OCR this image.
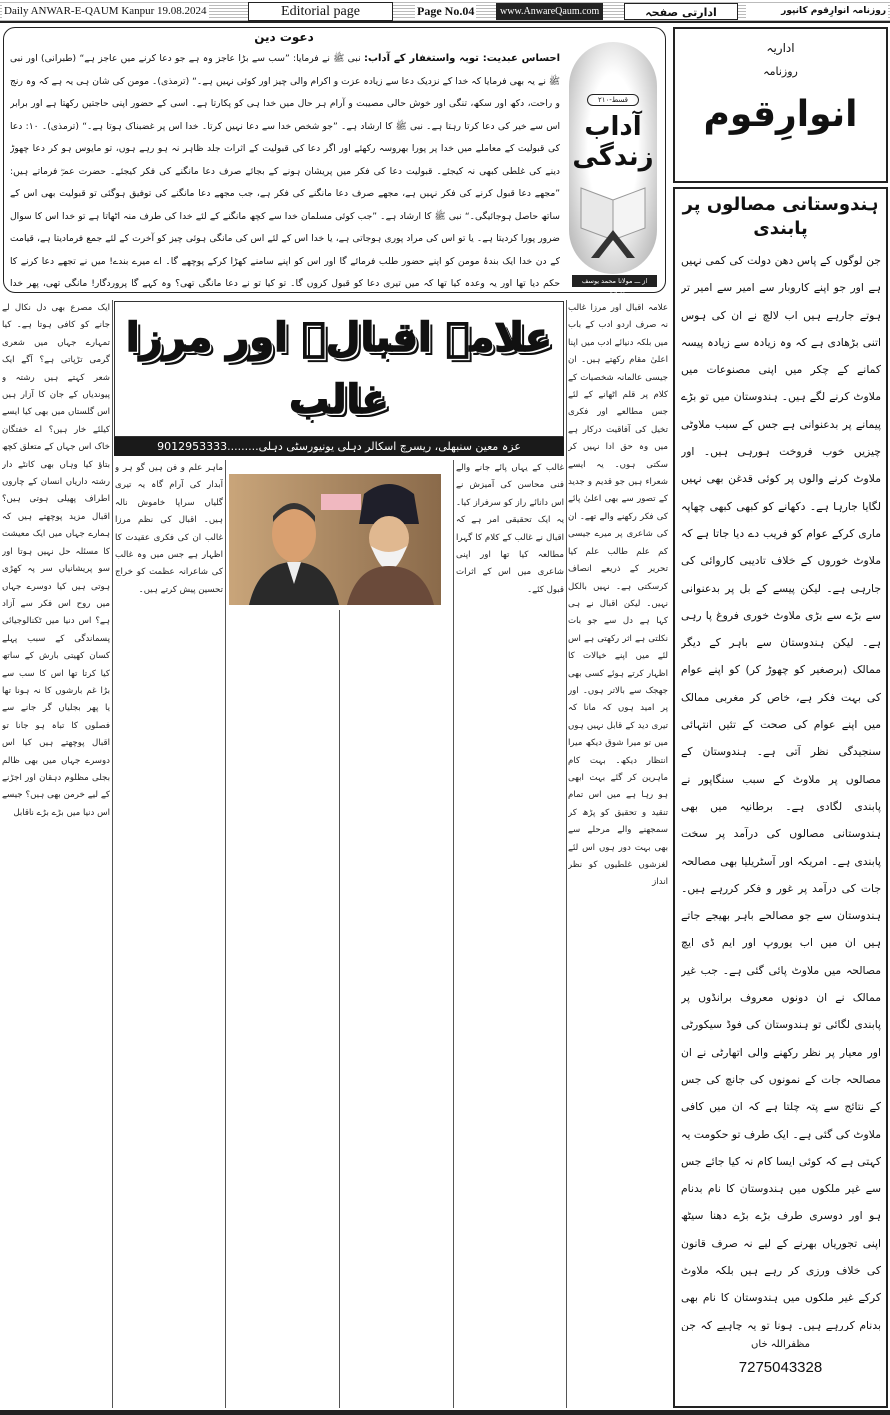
Daily ANWAR-E-QAUM Kanpur 19.08.2024	Editorial page	Page No.04	www.AnwareQaum.com	ادارتی صفحہ	روزنامہ انوارِقوم کانپور
دعوت دین
احساس عبدیت: توبہ واستغفار کے آداب: نبی ﷺ نے فرمایا: ”سب سے بڑا عاجز وہ ہے جو دعا کرنے میں عاجز ہے“ (طبرانی) اور نبی ﷺ نے یہ بھی فرمایا کہ خدا کے نزدیک دعا سے زیادہ عزت و اکرام والی چیز اور کوئی نہیں ہے۔“ (ترمذی)۔ مومن کی شان ہی یہ ہے کہ وہ رنج و راحت، دکھ اور سکھ، تنگی اور خوش حالی مصیبت و آرام ہر حال میں خدا ہی کو پکارتا ہے۔ اسی کے حضور اپنی حاجتیں رکھتا ہے اور برابر اس سے خیر کی دعا کرتا رہتا ہے۔ نبی ﷺ کا ارشاد ہے۔ ”جو شخص خدا سے دعا نہیں کرتا۔ خدا اس پر غضبناک ہوتا ہے۔“ (ترمذی)۔ ۱۰: دعا کی قبولیت کے معاملے میں خدا پر پورا بھروسہ رکھئے اور اگر دعا کی قبولیت کے اثرات جلد ظاہر نہ ہو رہے ہوں، تو مایوس ہو کر دعا چھوڑ دینے کی غلطی کبھی نہ کیجئے۔ قبولیت دعا کی فکر میں پریشان ہونے کے بجائے صرف دعا مانگنے کی فکر کیجئے۔ حضرت عمرؓ فرماتے ہیں: ”مجھے دعا قبول کرنے کی فکر نہیں ہے، مجھے صرف دعا مانگنے کی فکر ہے، جب مجھے دعا مانگنے کی توفیق ہوگئی تو قبولیت بھی اس کے ساتھ حاصل ہوجائیگی۔“ نبی ﷺ کا ارشاد ہے۔ ”جب کوئی مسلمان خدا سے کچھ مانگنے کے لئے خدا کی طرف منہ اٹھاتا ہے تو خدا اس کا سوال ضرور پورا کردیتا ہے۔ یا تو اس کی مراد پوری ہوجاتی ہے، یا خدا اس کے لئے اس کی مانگی ہوئی چیز کو آخرت کے لئے جمع فرمادیتا ہے، قیامت کے دن خدا ایک بندۂ مومن کو اپنے حضور طلب فرمائے گا اور اس کو اپنے سامنے کھڑا کرکے پوچھے گا۔ اے میرے بندے! میں نے تجھے دعا کرنے کا حکم دیا تھا اور یہ وعدہ کیا تھا کہ میں تیری دعا کو قبول کروں گا۔ تو کیا تو نے دعا مانگی تھی؟ وہ کہے گا پروردگار! مانگی تھی، پھر خدا
قسط-۲۱۰
آداب
زندگی
از ـــ مولانا محمد یوسف اصلاحی
اداریہ
روزنامہ
انوارِقوم
ہندوستانی مصالوں پر پابندی
جن لوگوں کے پاس دھن دولت کی کمی نہیں ہے اور جو اپنے کاروبار سے امیر سے امیر تر ہوتے جارہے ہیں اب لالچ نے ان کی ہوس اتنی بڑھادی ہے کہ وہ زیادہ سے زیادہ پیسہ کمانے کے چکر میں اپنی مصنوعات میں ملاوٹ کرنے لگے ہیں۔ ہندوستان میں تو بڑے پیمانے پر بدعنوانی ہے جس کے سبب ملاوٹی چیزیں خوب فروخت ہورہی ہیں۔ اور ملاوٹ کرنے والوں پر کوئی قدغن بھی نہیں لگایا جارہا ہے۔ دکھانے کو کبھی کبھی چھاپہ ماری کرکے عوام کو فریب دے دیا جاتا ہے کہ ملاوٹ خوروں کے خلاف تادیبی کاروائی کی جارہی ہے۔ لیکن پیسے کے بل پر بدعنوانی سے بڑے سے بڑی ملاوٹ خوری فروغ پا رہی ہے۔ لیکن ہندوستان سے باہر کے دیگر ممالک (برصغیر کو چھوڑ کر) کو اپنے عوام کی بہت فکر ہے، خاص کر مغربی ممالک میں اپنے عوام کی صحت کے تئیں انتہائی سنجیدگی نظر آتی ہے۔ ہندوستان کے مصالوں پر ملاوٹ کے سبب سنگاپور نے پابندی لگادی ہے۔ برطانیہ میں بھی ہندوستانی مصالوں کی درآمد پر سخت پابندی ہے۔ امریکہ اور آسٹریلیا بھی مصالحہ جات کی درآمد پر غور و فکر کررہے ہیں۔ ہندوستان سے جو مصالحے باہر بھیجے جاتے ہیں ان میں اب یوروپ اور ایم ڈی ایچ مصالحہ میں ملاوٹ پائی گئی ہے۔ جب غیر ممالک نے ان دونوں معروف برانڈوں پر پابندی لگائی تو ہندوستان کی فوڈ سیکورٹی اور معیار پر نظر رکھنے والی اتھارٹی نے ان مصالحہ جات کے نمونوں کی جانچ کی جس کے نتائج سے پتہ چلتا ہے کہ ان میں کافی ملاوٹ کی گئی ہے۔ ایک طرف تو حکومت یہ کہتی ہے کہ کوئی ایسا کام نہ کیا جائے جس سے غیر ملکوں میں ہندوستان کا نام بدنام ہو اور دوسری طرف بڑے بڑے دھنا سیٹھ اپنی تجوریاں بھرنے کے لیے نہ صرف قانون کی خلاف ورزی کر رہے ہیں بلکہ ملاوٹ کرکے غیر ملکوں میں ہندوستان کا نام بھی بدنام کررہے ہیں۔ ہونا تو یہ چاہیے کہ جن
مظفراللہ خاں
7275043328
علامہ اقبالؒ اور مرزا غالب
عزہ معین سنبھلی، ریسرچ اسکالر دہلی یونیورسٹی دہلی.........9012953333
ایک مصرع بھی دل نکال لے جانے کو کافی ہوتا ہے۔ کیا تمہارے جہاں میں شعری گرمی تڑپاتی ہے؟ آگے ایک شعر کہتے ہیں رشتہ و پیوندیاں کے جان کا آزار ہیں اس گلستاں میں بھی کیا ایسے کیلئے خار ہیں؟ اے خفتگان خاک اس جہاں کے متعلق کچھ بتاؤ کیا وہاں بھی کانٹے دار رشتہ داریاں انسان کے چاروں اطراف پھیلی ہوتی ہیں؟ اقبال مزید پوچھتے ہیں کہ ہمارے جہاں میں ایک معیشت کا مسئلہ حل نہیں ہوتا اور سو پریشانیاں سر پہ کھڑی ہوتی ہیں کیا دوسرے جہاں میں روح اس فکر سے آزاد ہے؟ اس دنیا میں ٹکنالوجیائی پسماندگی کے سبب پہلے کسان کھیتی بارش کے ساتھ کیا کرتا تھا اس کا سب سے بڑا غم بارشوں کا نہ ہونا تھا یا پھر بجلیاں گر جانے سے فصلوں کا تباہ ہو جانا تو اقبال پوچھتے ہیں کیا اس دوسرے جہاں میں بھی ظالم بجلی مظلوم دہقان اور اجڑنے کے لیے خرمن بھی ہیں؟ جیسے اس دنیا میں بڑے بڑے ناقابل
علامہ اقبال اور مرزا غالب نہ صرف اردو ادب کے باب میں بلکہ دنیائے ادب میں اپنا اعلیٰ مقام رکھتے ہیں۔ ان جیسی عالمانہ شخصیات کے کلام پر قلم اٹھانے کے لئے جس مطالعے اور فکری تخیل کی آفاقیت درکار ہے میں وہ حق ادا نہیں کر سکتی ہوں۔ یہ ایسے شعراء ہیں جو قدیم و جدید کے تصور سے بھی اعلیٰ پائے کی فکر رکھنے والے تھے۔ ان کی شاعری پر میرے جیسی کم علم طالب علم کیا تحریر کے ذریعے انصاف کرسکتی ہے۔ نہیں بالکل نہیں۔ لیکن اقبال نے ہی کہا ہے دل سے جو بات نکلتی ہے اثر رکھتی ہے اس لئے میں اپنے خیالات کا اظہار کرتے ہوئے کسی بھی جھجک سے بالاتر ہوں۔ اور پر امید ہوں کہ مانا کہ تیری دید کے قابل نہیں ہوں میں تو میرا شوق دیکھ میرا انتظار دیکھ۔ بہت کام ماہرین کر گئے بہت ابھی ہو رہا ہے میں اس تمام تنقید و تحقیق کو پڑھ کر سمجھنے والے مرحلے سے بھی بہت دور ہوں اس لئے لغزشوں غلطیوں کو نظر انداز
ماہر علم و فن ہیں گو ہر و آبدار کی آرام گاہ یہ تیری گلیاں سراپا خاموش نالہ ہیں۔ اقبال کی نظم مرزا غالب ان کی فکری عقیدت کا اظہار ہے جس میں وہ غالب کی شاعرانہ عظمت کو خراج تحسین پیش کرتے ہیں۔
غالب کے یہاں پائے جانے والے فنی محاسن کی آمیزش نے اس دانائے راز کو سرفراز کیا۔ یہ ایک تحقیقی امر ہے کہ اقبال نے غالب کے کلام کا گہرا مطالعہ کیا تھا اور اپنی شاعری میں اس کے اثرات قبول کئے۔
